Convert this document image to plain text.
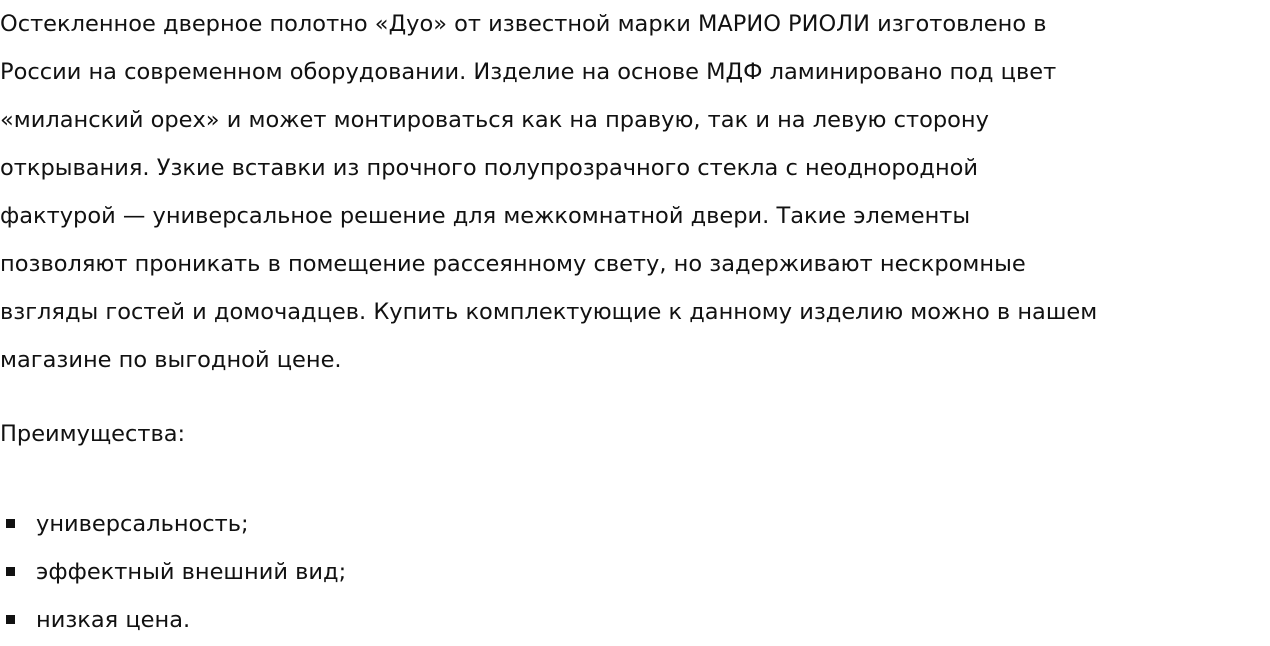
Остекленное дверное полотно «Дуо» от известной марки МАРИО РИОЛИ изготовлено в
России на современном оборудовании. Изделие на основе МДФ ламинировано под цвет
«миланский орех» и может монтироваться как на правую, так и на левую сторону
открывания. Узкие вставки из прочного полупрозрачного стекла с неоднородной
фактурой — универсальное решение для межкомнатной двери. Такие элементы
позволяют проникать в помещение рассеянному свету, но задерживают нескромные
взгляды гостей и домочадцев. Купить комплектующие к данному изделию можно в нашем
магазине по выгодной цене.

Преимущества:

универсальность;
эффектный внешний вид;
низкая цена.
